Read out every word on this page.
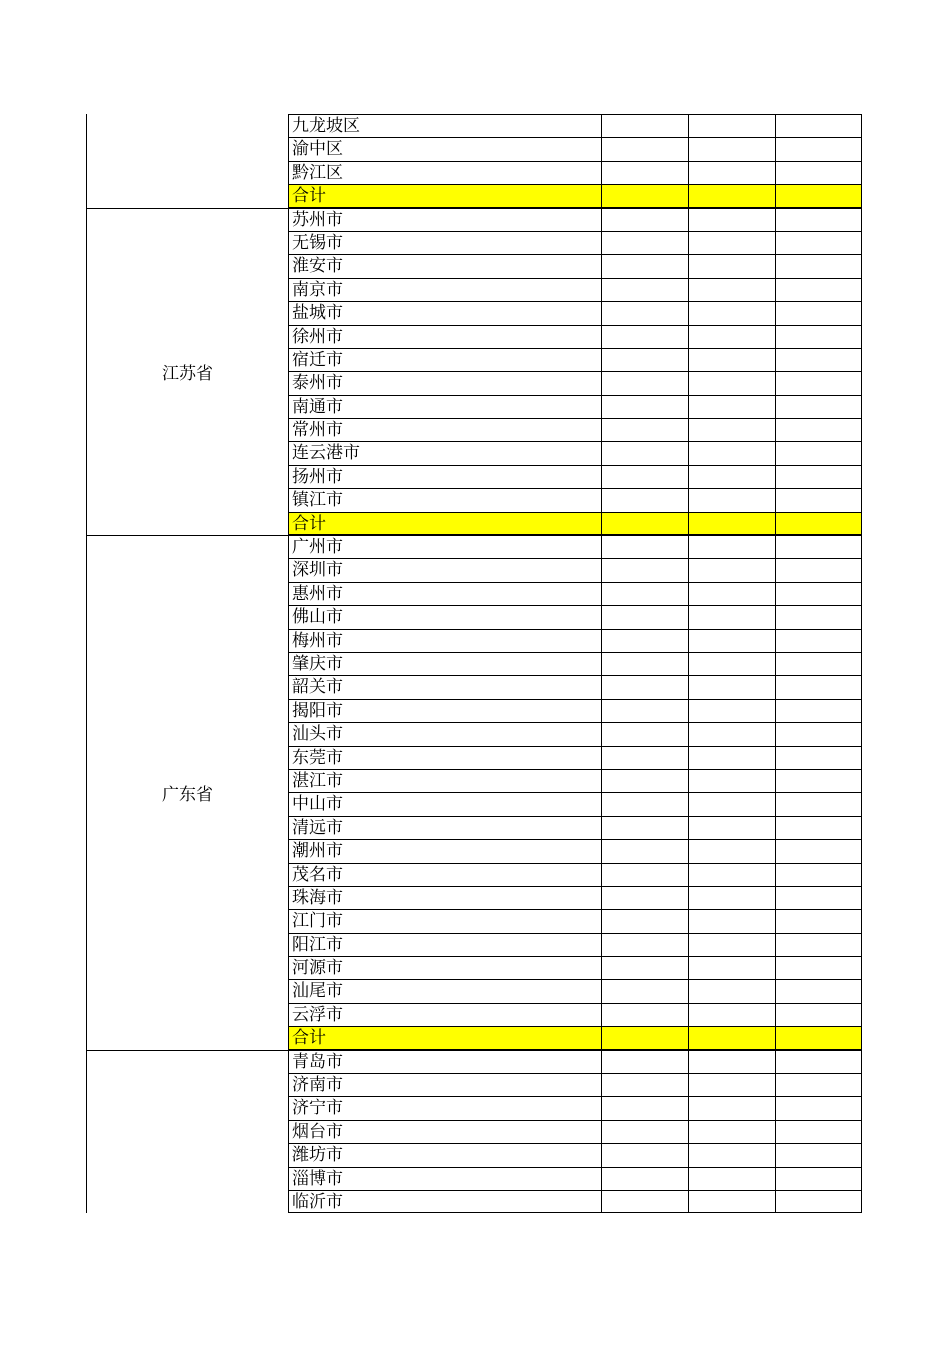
九龙坡区
渝中区
黔江区
合计
江苏省
苏州市
无锡市
淮安市
南京市
盐城市
徐州市
宿迁市
泰州市
南通市
常州市
连云港市
扬州市
镇江市
合计
广东省
广州市
深圳市
惠州市
佛山市
梅州市
肇庆市
韶关市
揭阳市
汕头市
东莞市
湛江市
中山市
清远市
潮州市
茂名市
珠海市
江门市
阳江市
河源市
汕尾市
云浮市
合计
青岛市
济南市
济宁市
烟台市
潍坊市
淄博市
临沂市
